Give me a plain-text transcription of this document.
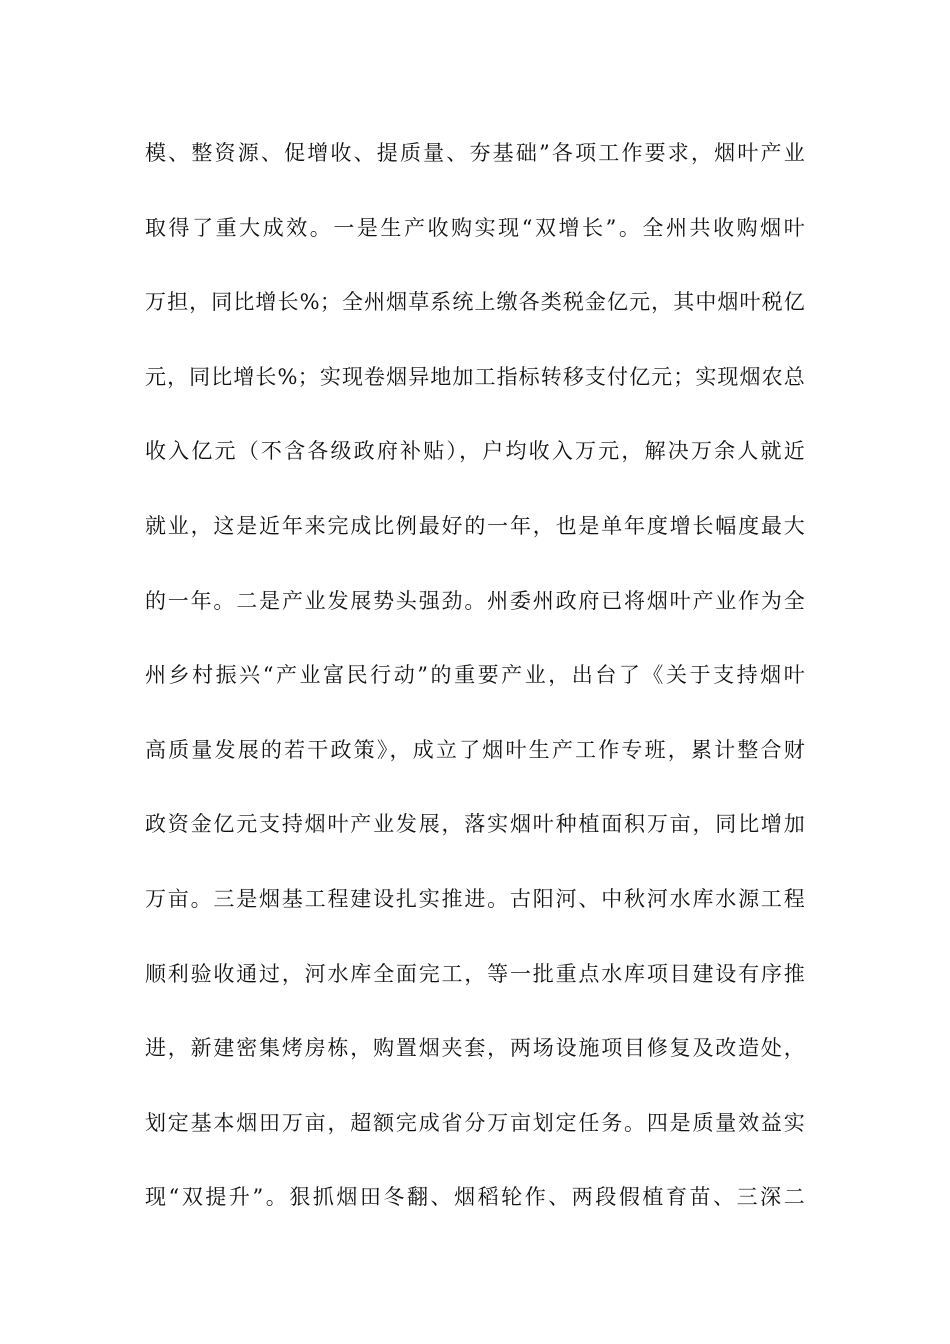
模、整资源、促增收、提质量、夯基础”各项工作要求，烟叶产业
取得了重大成效。一是生产收购实现“双增长”。全州共收购烟叶
万担，同比增长%；全州烟草系统上缴各类税金亿元，其中烟叶税亿
元，同比增长%；实现卷烟异地加工指标转移支付亿元；实现烟农总
收入亿元（不含各级政府补贴），户均收入万元，解决万余人就近
就业，这是近年来完成比例最好的一年，也是单年度增长幅度最大
的一年。二是产业发展势头强劲。州委州政府已将烟叶产业作为全
州乡村振兴“产业富民行动”的重要产业，出台了《关于支持烟叶
高质量发展的若干政策》，成立了烟叶生产工作专班，累计整合财
政资金亿元支持烟叶产业发展，落实烟叶种植面积万亩，同比增加
万亩。三是烟基工程建设扎实推进。古阳河、中秋河水库水源工程
顺利验收通过，河水库全面完工，等一批重点水库项目建设有序推
进，新建密集烤房栋，购置烟夹套，两场设施项目修复及改造处，
划定基本烟田万亩，超额完成省分万亩划定任务。四是质量效益实
现“双提升”。狠抓烟田冬翻、烟稻轮作、两段假植育苗、三深二
